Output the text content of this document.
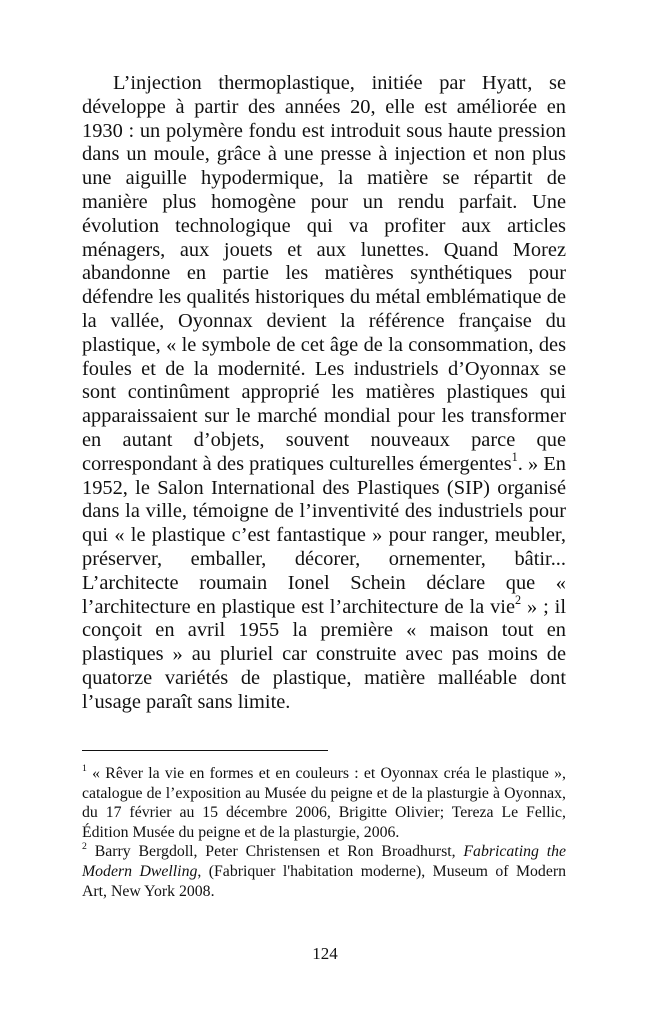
L’injection thermoplastique, initiée par Hyatt, se développe à partir des années 20, elle est améliorée en 1930 : un polymère fondu est introduit sous haute pression dans un moule, grâce à une presse à injection et non plus une aiguille hypodermique, la matière se répartit de manière plus homogène pour un rendu parfait. Une évolution technologique qui va profiter aux articles ménagers, aux jouets et aux lunettes. Quand Morez abandonne en partie les matières synthétiques pour défendre les qualités historiques du métal emblématique de la vallée, Oyonnax devient la référence française du plastique, « le symbole de cet âge de la consommation, des foules et de la modernité. Les industriels d’Oyonnax se sont continûment approprié les matières plastiques qui apparaissaient sur le marché mondial pour les transformer en autant d’objets, souvent nouveaux parce que correspondant à des pratiques culturelles émergentes$^1$. » En 1952, le Salon International des Plastiques (SIP) organisé dans la ville, témoigne de l’inventivité des industriels pour qui « le plastique c’est fantastique » pour ranger, meubler, préserver, emballer, décorer, ornementer, bâtir... L’architecte roumain Ionel Schein déclare que « l’architecture en plastique est l’architecture de la vie$^2$ » ; il conçoit en avril 1955 la première « maison tout en plastiques » au pluriel car construite avec pas moins de quatorze variétés de plastique, matière malléable dont l’usage paraît sans limite.

$^1$ « Rêver la vie en formes et en couleurs : et Oyonnax créa le plastique », catalogue de l’exposition au Musée du peigne et de la plasturgie à Oyonnax, du 17 février au 15 décembre 2006, Brigitte Olivier; Tereza Le Fellic, Édition Musée du peigne et de la plasturgie, 2006.

$^2$ Barry Bergdoll, Peter Christensen et Ron Broadhurst, Fabricating the Modern Dwelling, (Fabriquer l'habitation moderne), Museum of Modern Art, New York 2008.

124
